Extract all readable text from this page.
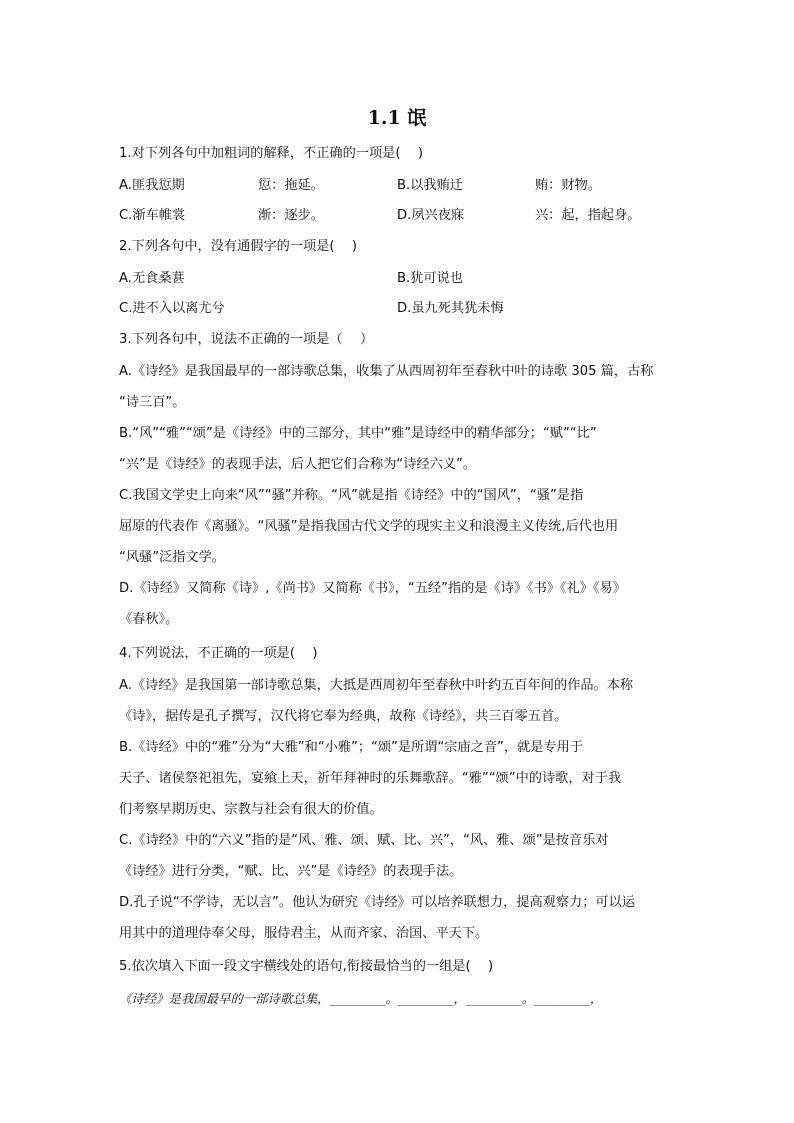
1.1 氓
1.对下列各句中加粗词的解释，不正确的一项是(　 )
A.匪我愆期	愆：拖延。	B.以我贿迁	贿：财物。
C.渐车帷裳	渐：逐步。	D.夙兴夜寐	兴：起，指起身。
2.下列各句中，没有通假字的一项是(　 )
A.无食桑葚	B.犹可说也
C.进不入以离尤兮	D.虽九死其犹未悔
3.下列各句中，说法不正确的一项是（　 ）
A.《诗经》是我国最早的一部诗歌总集，收集了从西周初年至春秋中叶的诗歌 305 篇，古称
“诗三百”。
B.“风”“雅”“颂”是《诗经》中的三部分，其中“雅”是诗经中的精华部分；“赋”“比”
“兴”是《诗经》的表现手法，后人把它们合称为“诗经六义”。
C.我国文学史上向来“风”“骚”并称。“风”就是指《诗经》中的“国风”，“骚”是指
屈原的代表作《离骚》。“风骚”是指我国古代文学的现实主义和浪漫主义传统,后代也用
“风骚”泛指文学。
D.《诗经》又简称《诗》,《尚书》又简称《书》，“五经”指的是《诗》《书》《礼》《易》
《春秋》。
4.下列说法，不正确的一项是(　 )
A.《诗经》是我国第一部诗歌总集，大抵是西周初年至春秋中叶约五百年间的作品。本称
《诗》，据传是孔子撰写，汉代将它奉为经典，故称《诗经》，共三百零五首。
B.《诗经》中的“雅”分为“大雅”和“小雅”；“颂”是所谓“宗庙之音”，就是专用于
天子、诸侯祭祀祖先，宴飨上天，祈年拜神时的乐舞歌辞。“雅”“颂”中的诗歌，对于我
们考察早期历史、宗教与社会有很大的价值。
C.《诗经》中的“六义”指的是“风、雅、颂、赋、比、兴”，“风、雅、颂”是按音乐对
《诗经》进行分类，“赋、比、兴”是《诗经》的表现手法。
D.孔子说“不学诗，无以言”。他认为研究《诗经》可以培养联想力，提高观察力；可以运
用其中的道理侍奉父母，服侍君主，从而齐家、治国、平天下。
5.依次填入下面一段文字横线处的语句,衔接最恰当的一组是(　 )
《诗经》是我国最早的一部诗歌总集，_________。_________，_________。_________，
